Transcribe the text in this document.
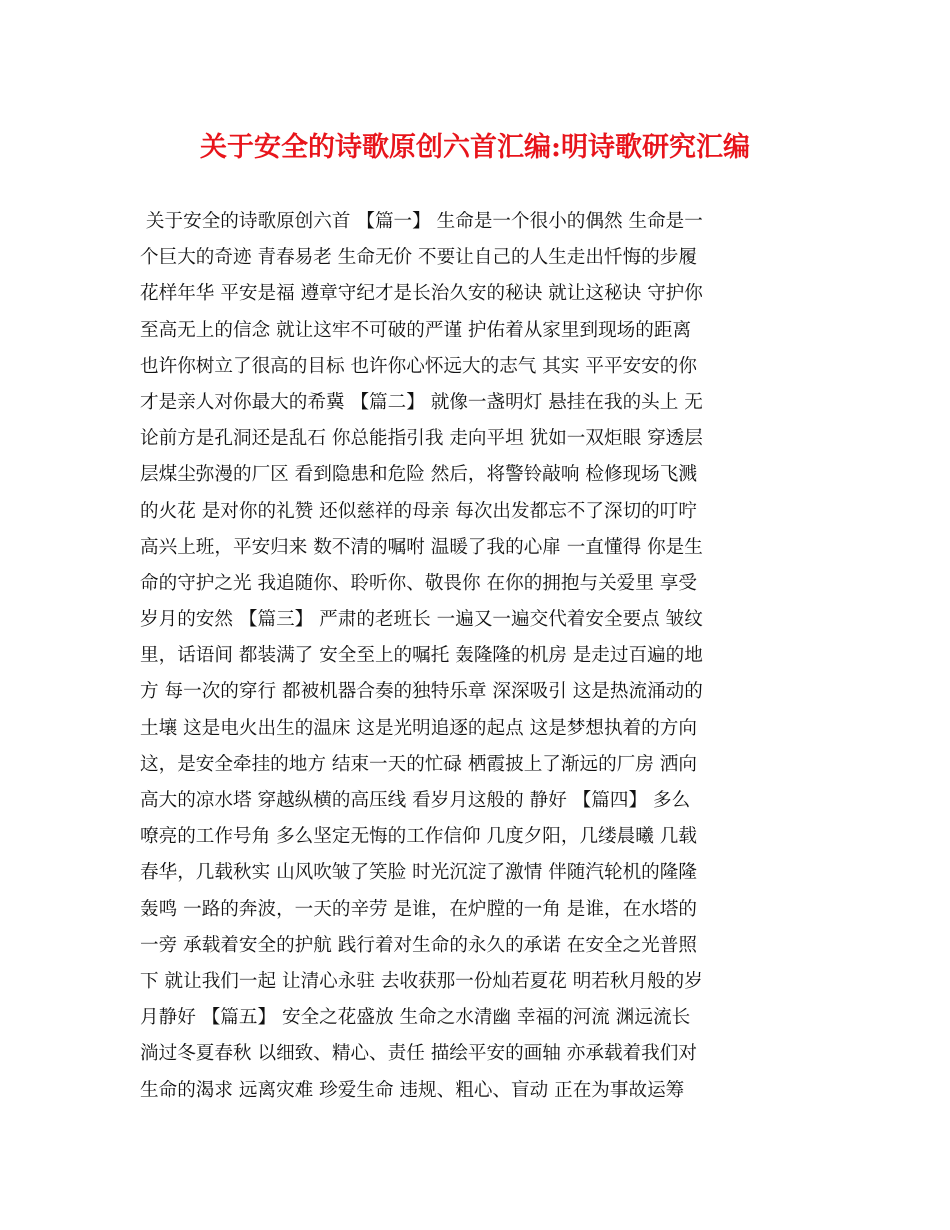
关于安全的诗歌原创六首汇编:明诗歌研究汇编
关于安全的诗歌原创六首 【篇一】 生命是一个很小的偶然 生命是一
个巨大的奇迹 青春易老 生命无价 不要让自己的人生走出忏悔的步履
花样年华 平安是福 遵章守纪才是长治久安的秘诀 就让这秘诀 守护你
至高无上的信念 就让这牢不可破的严谨 护佑着从家里到现场的距离
也许你树立了很高的目标 也许你心怀远大的志气 其实 平平安安的你
才是亲人对你最大的希冀 【篇二】 就像一盏明灯 悬挂在我的头上 无
论前方是孔洞还是乱石 你总能指引我 走向平坦 犹如一双炬眼 穿透层
层煤尘弥漫的厂区 看到隐患和危险 然后，将警铃敲响 检修现场飞溅
的火花 是对你的礼赞 还似慈祥的母亲 每次出发都忘不了深切的叮咛
高兴上班，平安归来 数不清的嘱咐 温暖了我的心扉 一直懂得 你是生
命的守护之光 我追随你、聆听你、敬畏你 在你的拥抱与关爱里 享受
岁月的安然 【篇三】 严肃的老班长 一遍又一遍交代着安全要点 皱纹
里，话语间 都装满了 安全至上的嘱托 轰隆隆的机房 是走过百遍的地
方 每一次的穿行 都被机器合奏的独特乐章 深深吸引 这是热流涌动的
土壤 这是电火出生的温床 这是光明追逐的起点 这是梦想执着的方向
这，是安全牵挂的地方 结束一天的忙碌 栖霞披上了渐远的厂房 洒向
高大的凉水塔 穿越纵横的高压线 看岁月这般的 静好 【篇四】 多么
嘹亮的工作号角 多么坚定无悔的工作信仰 几度夕阳，几缕晨曦 几载
春华，几载秋实 山风吹皱了笑脸 时光沉淀了激情 伴随汽轮机的隆隆
轰鸣 一路的奔波，一天的辛劳 是谁，在炉膛的一角 是谁，在水塔的
一旁 承载着安全的护航 践行着对生命的永久的承诺 在安全之光普照
下 就让我们一起 让清心永驻 去收获那一份灿若夏花 明若秋月般的岁
月静好 【篇五】 安全之花盛放 生命之水清幽 幸福的河流 渊远流长
淌过冬夏春秋 以细致、精心、责任 描绘平安的画轴 亦承载着我们对
生命的渴求 远离灾难 珍爱生命 违规、粗心、盲动 正在为事故运筹
